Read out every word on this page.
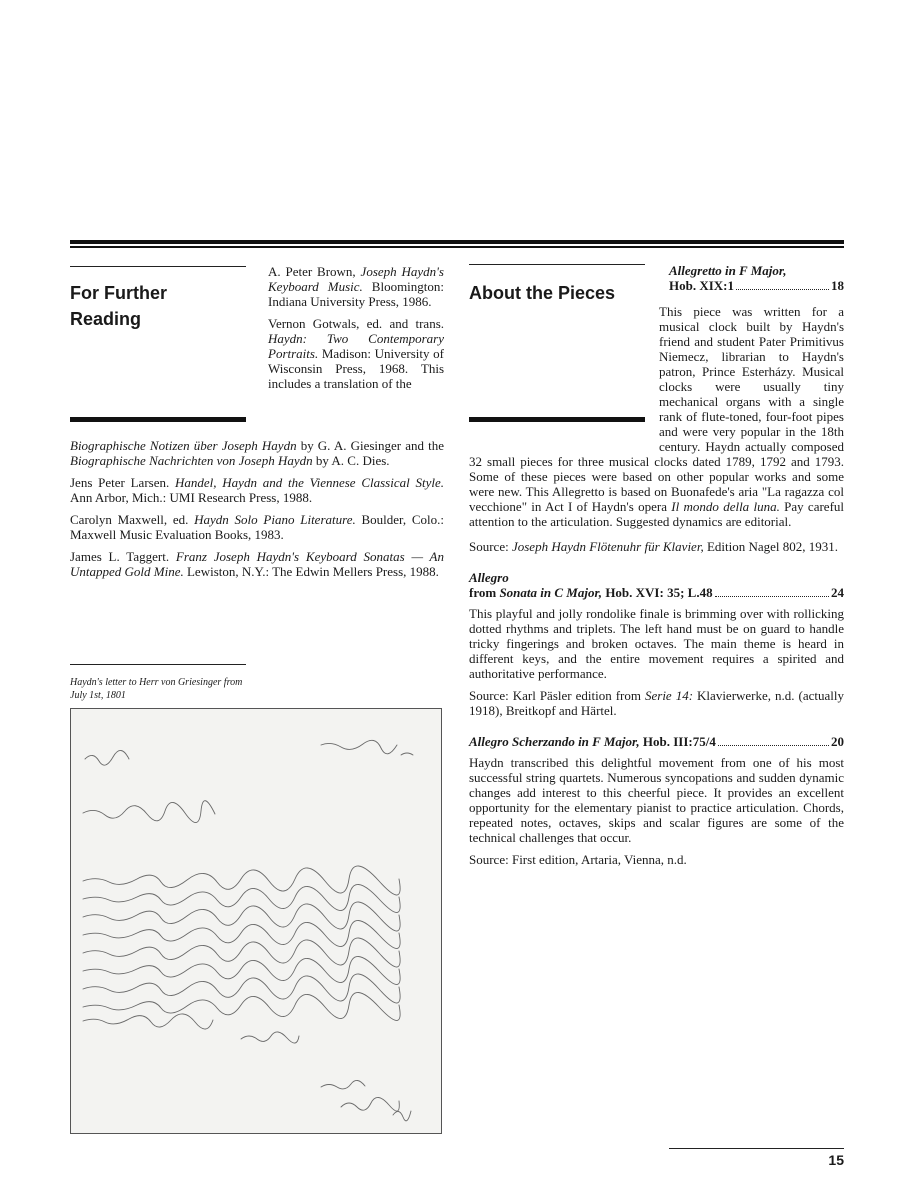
For Further Reading

A. Peter Brown, Joseph Haydn's Keyboard Music. Bloomington: Indiana University Press, 1986.

Vernon Gotwals, ed. and trans. Haydn: Two Contemporary Portraits. Madison: University of Wisconsin Press, 1968. This includes a translation of the

Biographische Notizen über Joseph Haydn by G. A. Giesinger and the Biographische Nachrichten von Joseph Haydn by A. C. Dies.

Jens Peter Larsen. Handel, Haydn and the Viennese Classical Style. Ann Arbor, Mich.: UMI Research Press, 1988.

Carolyn Maxwell, ed. Haydn Solo Piano Literature. Boulder, Colo.: Maxwell Music Evaluation Books, 1983.

James L. Taggert. Franz Joseph Haydn's Keyboard Sonatas — An Untapped Gold Mine. Lewiston, N.Y.: The Edwin Mellers Press, 1988.

Haydn's letter to Herr von Griesinger from July 1st, 1801
About the Pieces

Allegretto in F Major,

Hob. XIX:1	18

This piece was written for a musical clock built by Haydn's friend and student Pater Primitivus Niemecz, librarian to Haydn's patron, Prince Esterházy. Musical clocks were usually tiny mechanical organs with a single rank of flute-toned, four-foot pipes and were very popular in the 18th century. Haydn actually composed 32 small pieces for three musical clocks dated 1789, 1792 and 1793. Some of these pieces were based on other popular works and some were new. This Allegretto is based on Buonafede's aria "La ragazza col vecchione" in Act I of Haydn's opera Il mondo della luna. Pay careful attention to the articulation. Suggested dynamics are editorial.

Source: Joseph Haydn Flötenuhr für Klavier, Edition Nagel 802, 1931.

Allegro

from Sonata in C Major, Hob. XVI: 35; L.48	24

This playful and jolly rondolike finale is brimming over with rollicking dotted rhythms and triplets. The left hand must be on guard to handle tricky fingerings and broken octaves. The main theme is heard in different keys, and the entire movement requires a spirited and authoritative performance.

Source: Karl Päsler edition from Serie 14: Klavierwerke, n.d. (actually 1918), Breitkopf and Härtel.

Allegro Scherzando in F Major, Hob. III:75/4	20

Haydn transcribed this delightful movement from one of his most successful string quartets. Numerous syncopations and sudden dynamic changes add interest to this cheerful piece. It provides an excellent opportunity for the elementary pianist to practice articulation. Chords, repeated notes, octaves, skips and scalar figures are some of the technical challenges that occur.

Source: First edition, Artaria, Vienna, n.d.

15
